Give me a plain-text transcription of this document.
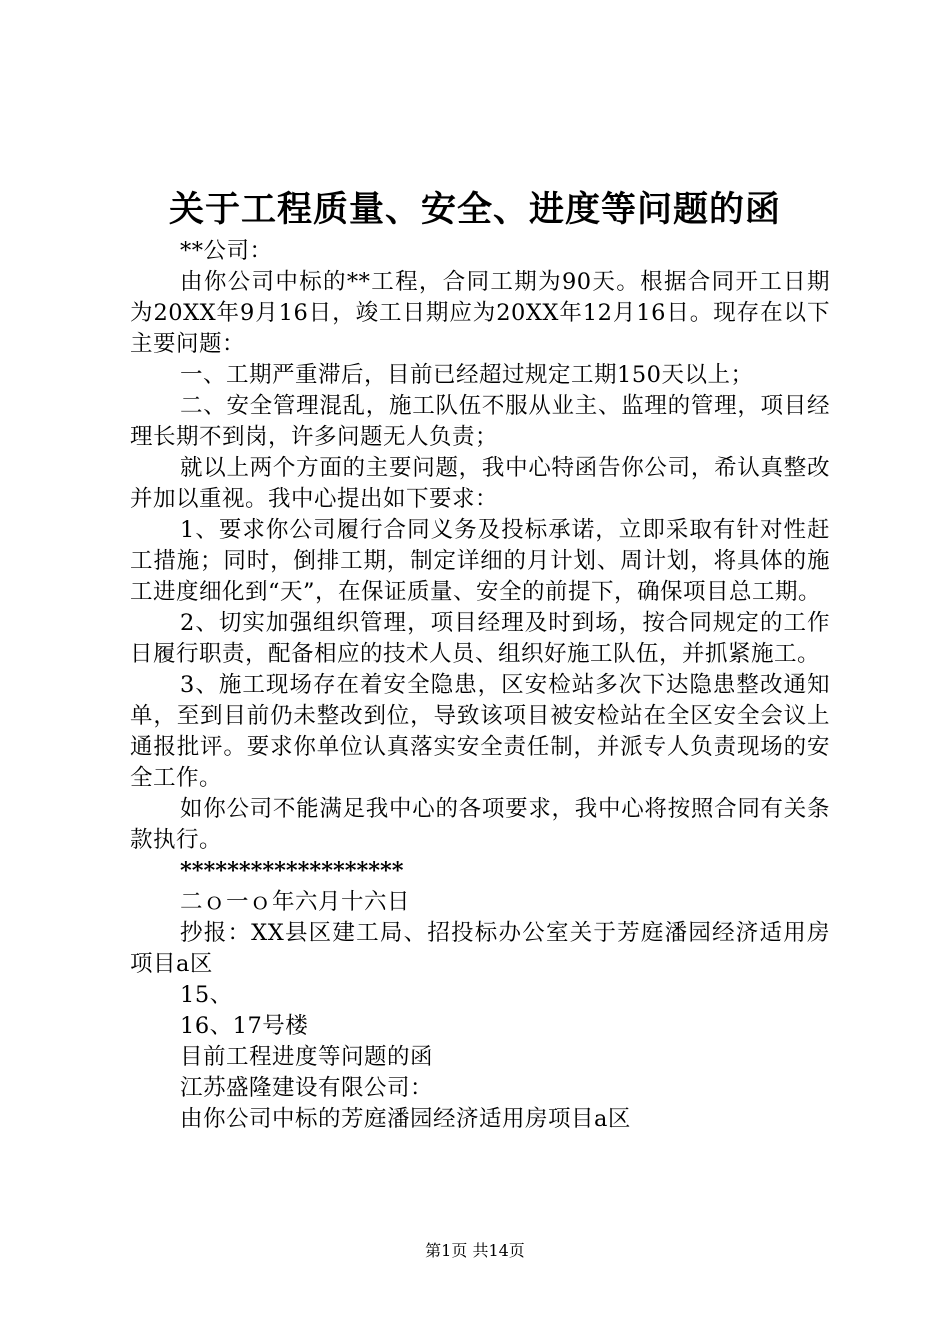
关于工程质量、安全、进度等问题的函

**公司：

由你公司中标的**工程，合同工期为90天。根据合同开工日期为20XX年9月16日，竣工日期应为20XX年12月16日。现存在以下主要问题：

一、工期严重滞后，目前已经超过规定工期150天以上；

二、安全管理混乱，施工队伍不服从业主、监理的管理，项目经理长期不到岗，许多问题无人负责；

就以上两个方面的主要问题，我中心特函告你公司，希认真整改并加以重视。我中心提出如下要求：

1、要求你公司履行合同义务及投标承诺，立即采取有针对性赶工措施；同时，倒排工期，制定详细的月计划、周计划，将具体的施工进度细化到“天”，在保证质量、安全的前提下，确保项目总工期。

2、切实加强组织管理，项目经理及时到场，按合同规定的工作日履行职责，配备相应的技术人员、组织好施工队伍，并抓紧施工。

3、施工现场存在着安全隐患，区安检站多次下达隐患整改通知单，至到目前仍未整改到位，导致该项目被安检站在全区安全会议上通报批评。要求你单位认真落实安全责任制，并派专人负责现场的安全工作。

如你公司不能满足我中心的各项要求，我中心将按照合同有关条款执行。

*******************

二ｏ一ｏ年六月十六日

抄报：XX县区建工局、招投标办公室关于芳庭潘园经济适用房项目a区

15、

16、17号楼

目前工程进度等问题的函

江苏盛隆建设有限公司：

由你公司中标的芳庭潘园经济适用房项目a区

第1页 共14页
